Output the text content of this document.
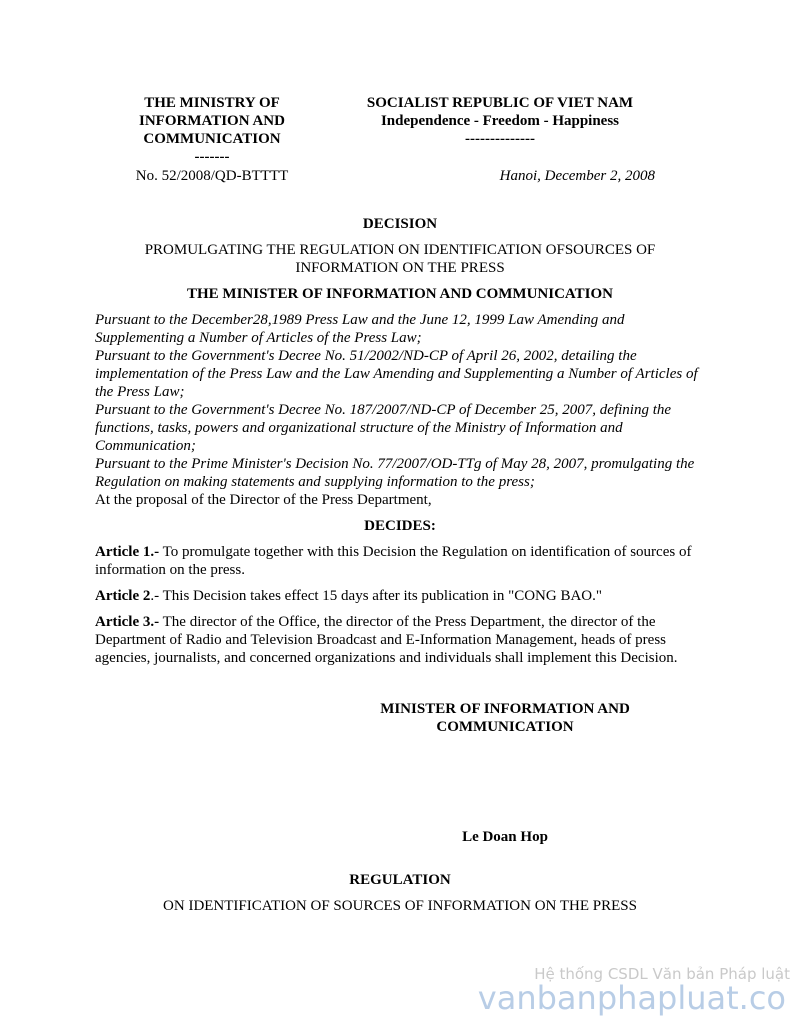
THE MINISTRY OF
INFORMATION AND
COMMUNICATION
-------
SOCIALIST REPUBLIC OF VIET NAM
Independence - Freedom - Happiness
--------------
No. 52/2008/QD-BTTTT	Hanoi, December 2, 2008
DECISION
PROMULGATING THE REGULATION ON IDENTIFICATION OFSOURCES OF
INFORMATION ON THE PRESS
THE MINISTER OF INFORMATION AND COMMUNICATION

Pursuant to the December28,1989 Press Law and the June 12, 1999 Law Amending and Supplementing a Number of Articles of the Press Law;

Pursuant to the Government's Decree No. 51/2002/ND-CP of April 26, 2002, detailing the implementation of the Press Law and the Law Amending and Supplementing a Number of Articles of the Press Law;

Pursuant to the Government's Decree No. 187/2007/ND-CP of December 25, 2007, defining the functions, tasks, powers and organizational structure of the Ministry of Information and Communication;

Pursuant to the Prime Minister's Decision No. 77/2007/OD-TTg of May 28, 2007, promulgating the Regulation on making statements and supplying information to the press;

At the proposal of the Director of the Press Department,

DECIDES:
Article 1.- To promulgate together with this Decision the Regulation on identification of sources of information on the press.
Article 2.- This Decision takes effect 15 days after its publication in "CONG BAO."
Article 3.- The director of the Office, the director of the Press Department, the director of the Department of Radio and Television Broadcast and E-Information Management, heads of press agencies, journalists, and concerned organizations and individuals shall implement this Decision.
MINISTER OF INFORMATION AND
COMMUNICATION
Le Doan Hop
REGULATION
ON IDENTIFICATION OF SOURCES OF INFORMATION ON THE PRESS
Hệ thống CSDL Văn bản Pháp luật
vanbanphapluat.co
